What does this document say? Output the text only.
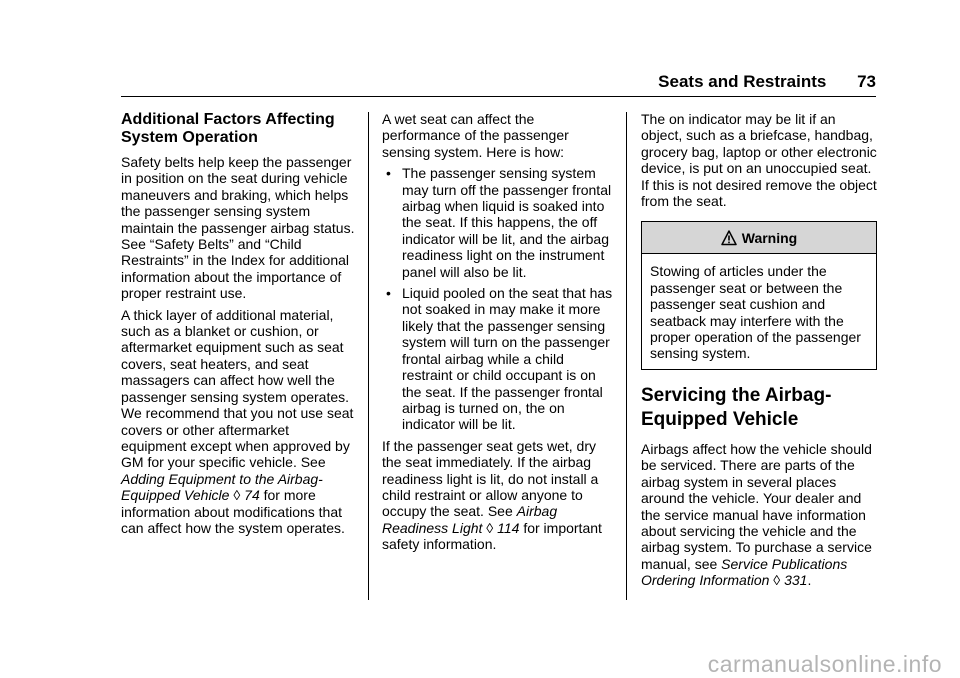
Seats and Restraints 73
Additional Factors Affecting System Operation

Safety belts help keep the passenger in position on the seat during vehicle maneuvers and braking, which helps the passenger sensing system maintain the passenger airbag status. See “Safety Belts” and “Child Restraints” in the Index for additional information about the importance of proper restraint use.

A thick layer of additional material, such as a blanket or cushion, or aftermarket equipment such as seat covers, seat heaters, and seat massagers can affect how well the passenger sensing system operates. We recommend that you not use seat covers or other aftermarket equipment except when approved by GM for your specific vehicle. See Adding Equipment to the Airbag-Equipped Vehicle ◊ 74 for more information about modifications that can affect how the system operates.

A wet seat can affect the performance of the passenger sensing system. Here is how:

• The passenger sensing system may turn off the passenger frontal airbag when liquid is soaked into the seat. If this happens, the off indicator will be lit, and the airbag readiness light on the instrument panel will also be lit.
• Liquid pooled on the seat that has not soaked in may make it more likely that the passenger sensing system will turn on the passenger frontal airbag while a child restraint or child occupant is on the seat. If the passenger frontal airbag is turned on, the on indicator will be lit.

If the passenger seat gets wet, dry the seat immediately. If the airbag readiness light is lit, do not install a child restraint or allow anyone to occupy the seat. See Airbag Readiness Light ◊ 114 for important safety information.

The on indicator may be lit if an object, such as a briefcase, handbag, grocery bag, laptop or other electronic device, is put on an unoccupied seat. If this is not desired remove the object from the seat.

Warning
Stowing of articles under the passenger seat or between the passenger seat cushion and seatback may interfere with the proper operation of the passenger sensing system.
Servicing the Airbag-Equipped Vehicle

Airbags affect how the vehicle should be serviced. There are parts of the airbag system in several places around the vehicle. Your dealer and the service manual have information about servicing the vehicle and the airbag system. To purchase a service manual, see Service Publications Ordering Information ◊ 331.

carmanualsonline.info
